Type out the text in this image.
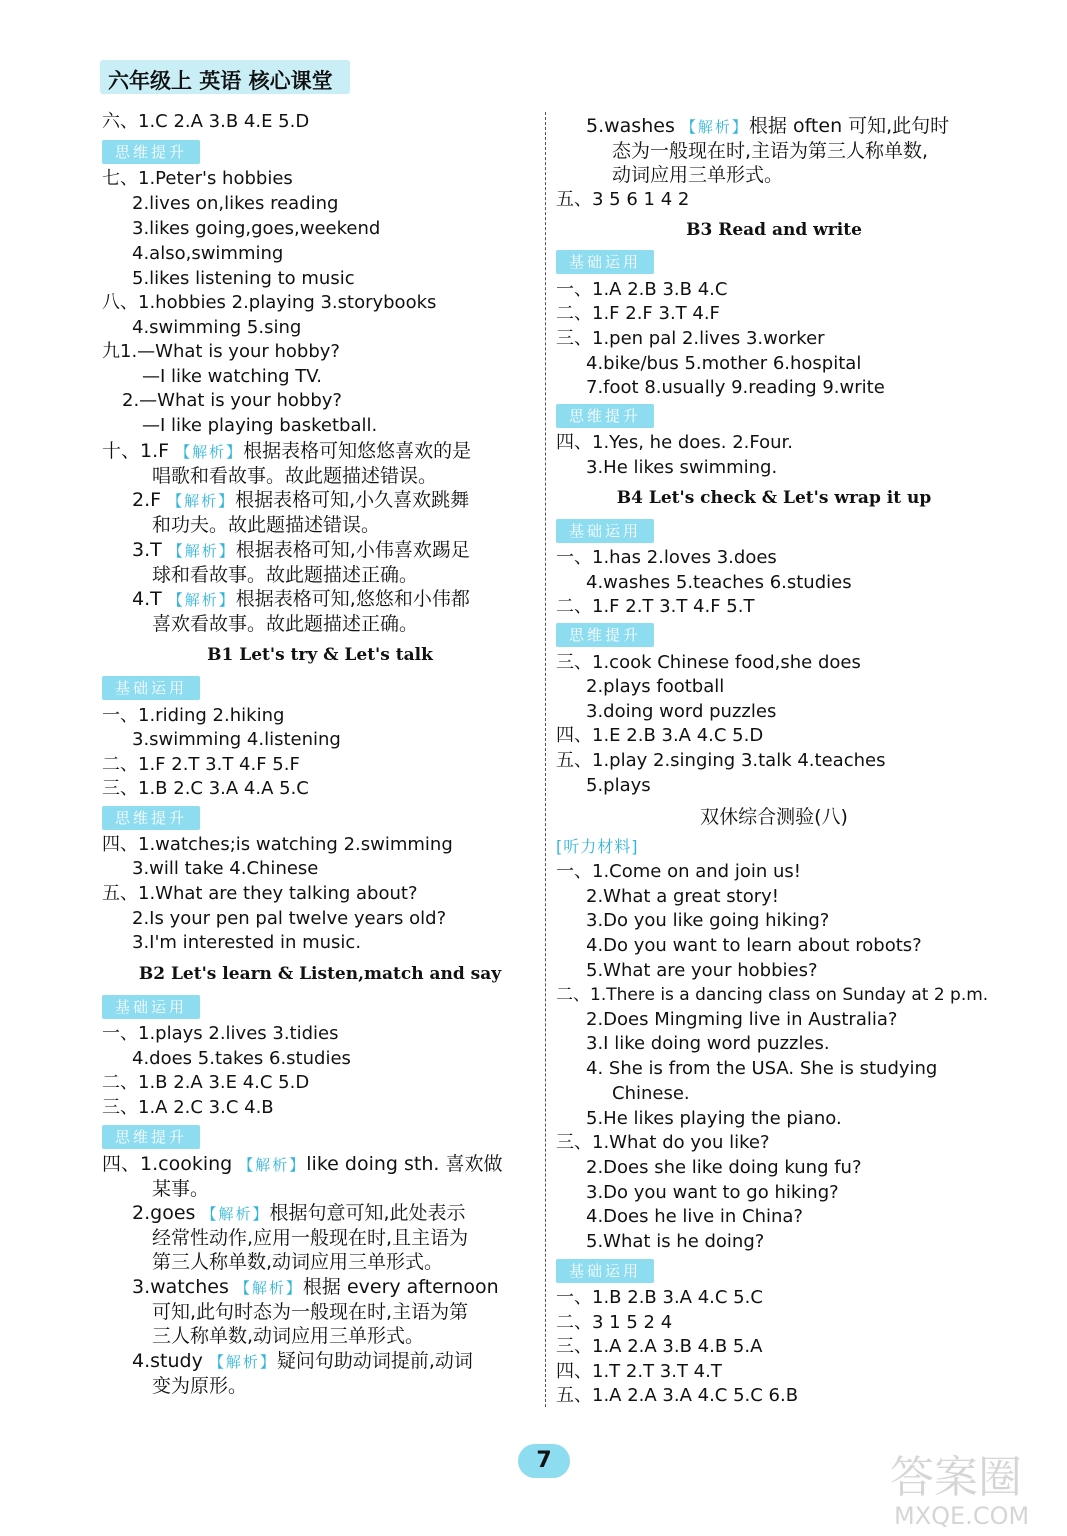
六年级上 英语 核心课堂
六、1.C 2.A 3.B 4.E 5.D
思维提升
七、1.Peter's hobbies
2.lives on,likes reading
3.likes going,goes,weekend
4.also,swimming
5.likes listening to music
八、1.hobbies 2.playing 3.storybooks
4.swimming 5.sing
九1.—What is your hobby?
—I like watching TV.
2.—What is your hobby?
—I like playing basketball.
十、1.F 【解析】根据表格可知悠悠喜欢的是
唱歌和看故事。故此题描述错误。
2.F 【解析】根据表格可知,小久喜欢跳舞
和功夫。故此题描述错误。
3.T 【解析】根据表格可知,小伟喜欢踢足
球和看故事。故此题描述正确。
4.T 【解析】根据表格可知,悠悠和小伟都
喜欢看故事。故此题描述正确。
B1 Let's try & Let's talk
基础运用
一、1.riding 2.hiking
3.swimming 4.listening
二、1.F 2.T 3.T 4.F 5.F
三、1.B 2.C 3.A 4.A 5.C
思维提升
四、1.watches;is watching 2.swimming
3.will take 4.Chinese
五、1.What are they talking about?
2.Is your pen pal twelve years old?
3.I'm interested in music.
B2 Let's learn & Listen,match and say
基础运用
一、1.plays 2.lives 3.tidies
4.does 5.takes 6.studies
二、1.B 2.A 3.E 4.C 5.D
三、1.A 2.C 3.C 4.B
思维提升
四、1.cooking 【解析】like doing sth. 喜欢做
某事。
2.goes 【解析】根据句意可知,此处表示
经常性动作,应用一般现在时,且主语为
第三人称单数,动词应用三单形式。
3.watches 【解析】根据 every afternoon
可知,此句时态为一般现在时,主语为第
三人称单数,动词应用三单形式。
4.study 【解析】疑问句助动词提前,动词
变为原形。
5.washes 【解析】根据 often 可知,此句时
态为一般现在时,主语为第三人称单数,
动词应用三单形式。
五、3 5 6 1 4 2
B3 Read and write
基础运用
一、1.A 2.B 3.B 4.C
二、1.F 2.F 3.T 4.F
三、1.pen pal 2.lives 3.worker
4.bike/bus 5.mother 6.hospital
7.foot 8.usually 9.reading 9.write
思维提升
四、1.Yes, he does. 2.Four.
3.He likes swimming.
B4 Let's check & Let's wrap it up
基础运用
一、1.has 2.loves 3.does
4.washes 5.teaches 6.studies
二、1.F 2.T 3.T 4.F 5.T
思维提升
三、1.cook Chinese food,she does
2.plays football
3.doing word puzzles
四、1.E 2.B 3.A 4.C 5.D
五、1.play 2.singing 3.talk 4.teaches
5.plays
双休综合测验(八)
[听力材料]
一、1.Come on and join us!
2.What a great story!
3.Do you like going hiking?
4.Do you want to learn about robots?
5.What are your hobbies?
二、1.There is a dancing class on Sunday at 2 p.m.
2.Does Mingming live in Australia?
3.I like doing word puzzles.
4. She is from the USA. She is studying
Chinese.
5.He likes playing the piano.
三、1.What do you like?
2.Does she like doing kung fu?
3.Do you want to go hiking?
4.Does he live in China?
5.What is he doing?
基础运用
一、1.B 2.B 3.A 4.C 5.C
二、3 1 5 2 4
三、1.A 2.A 3.B 4.B 5.A
四、1.T 2.T 3.T 4.T
五、1.A 2.A 3.A 4.C 5.C 6.B
7	答案圈
MXQE.COM
